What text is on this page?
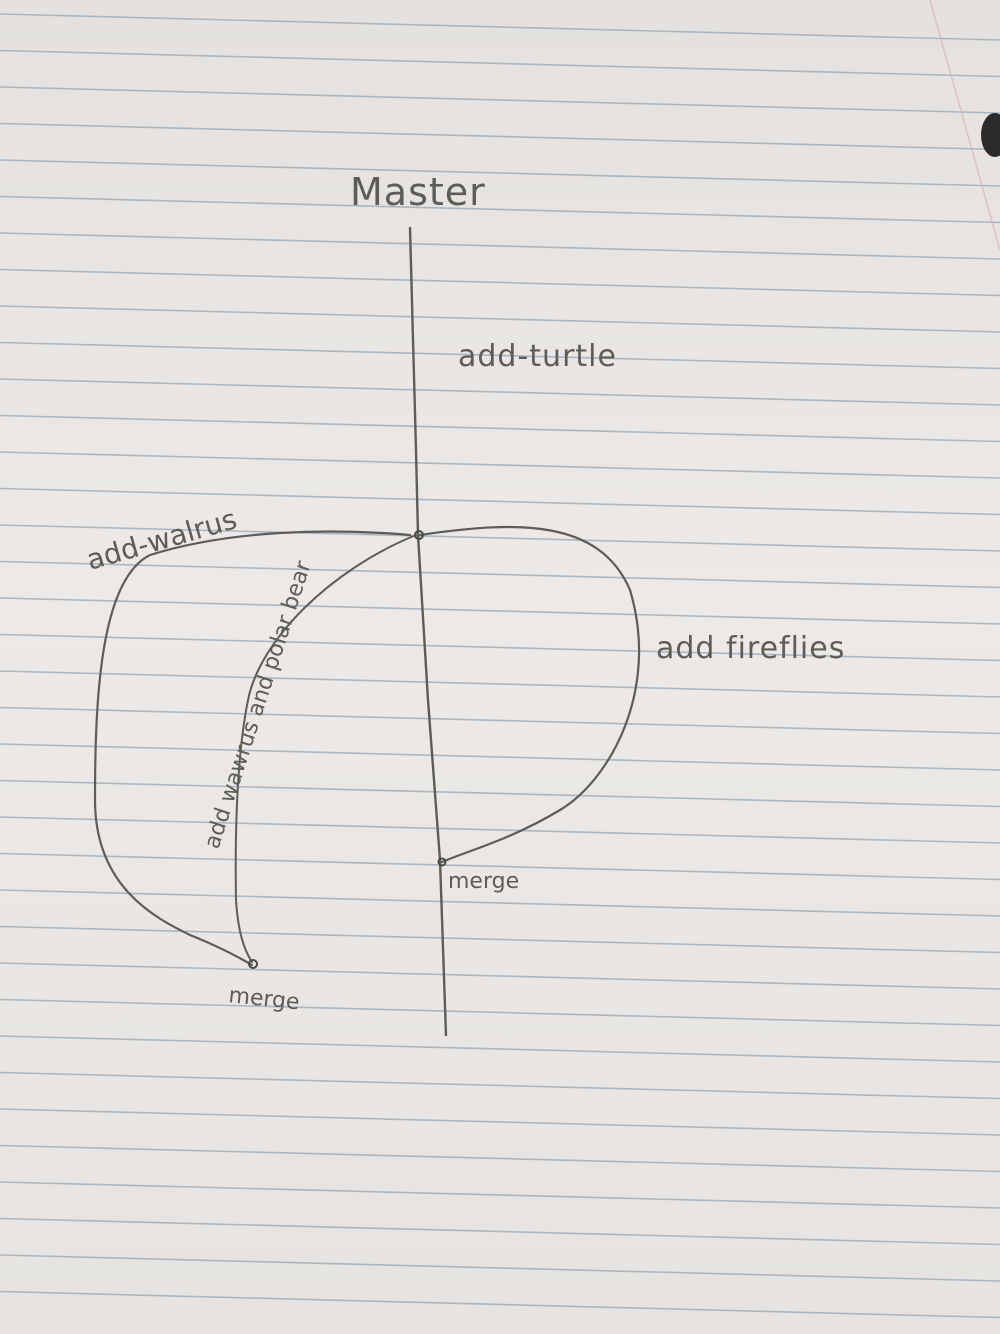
Master
add-turtle
add-walrus
add wawrus and polar bear	add fireflies
merge
merge
